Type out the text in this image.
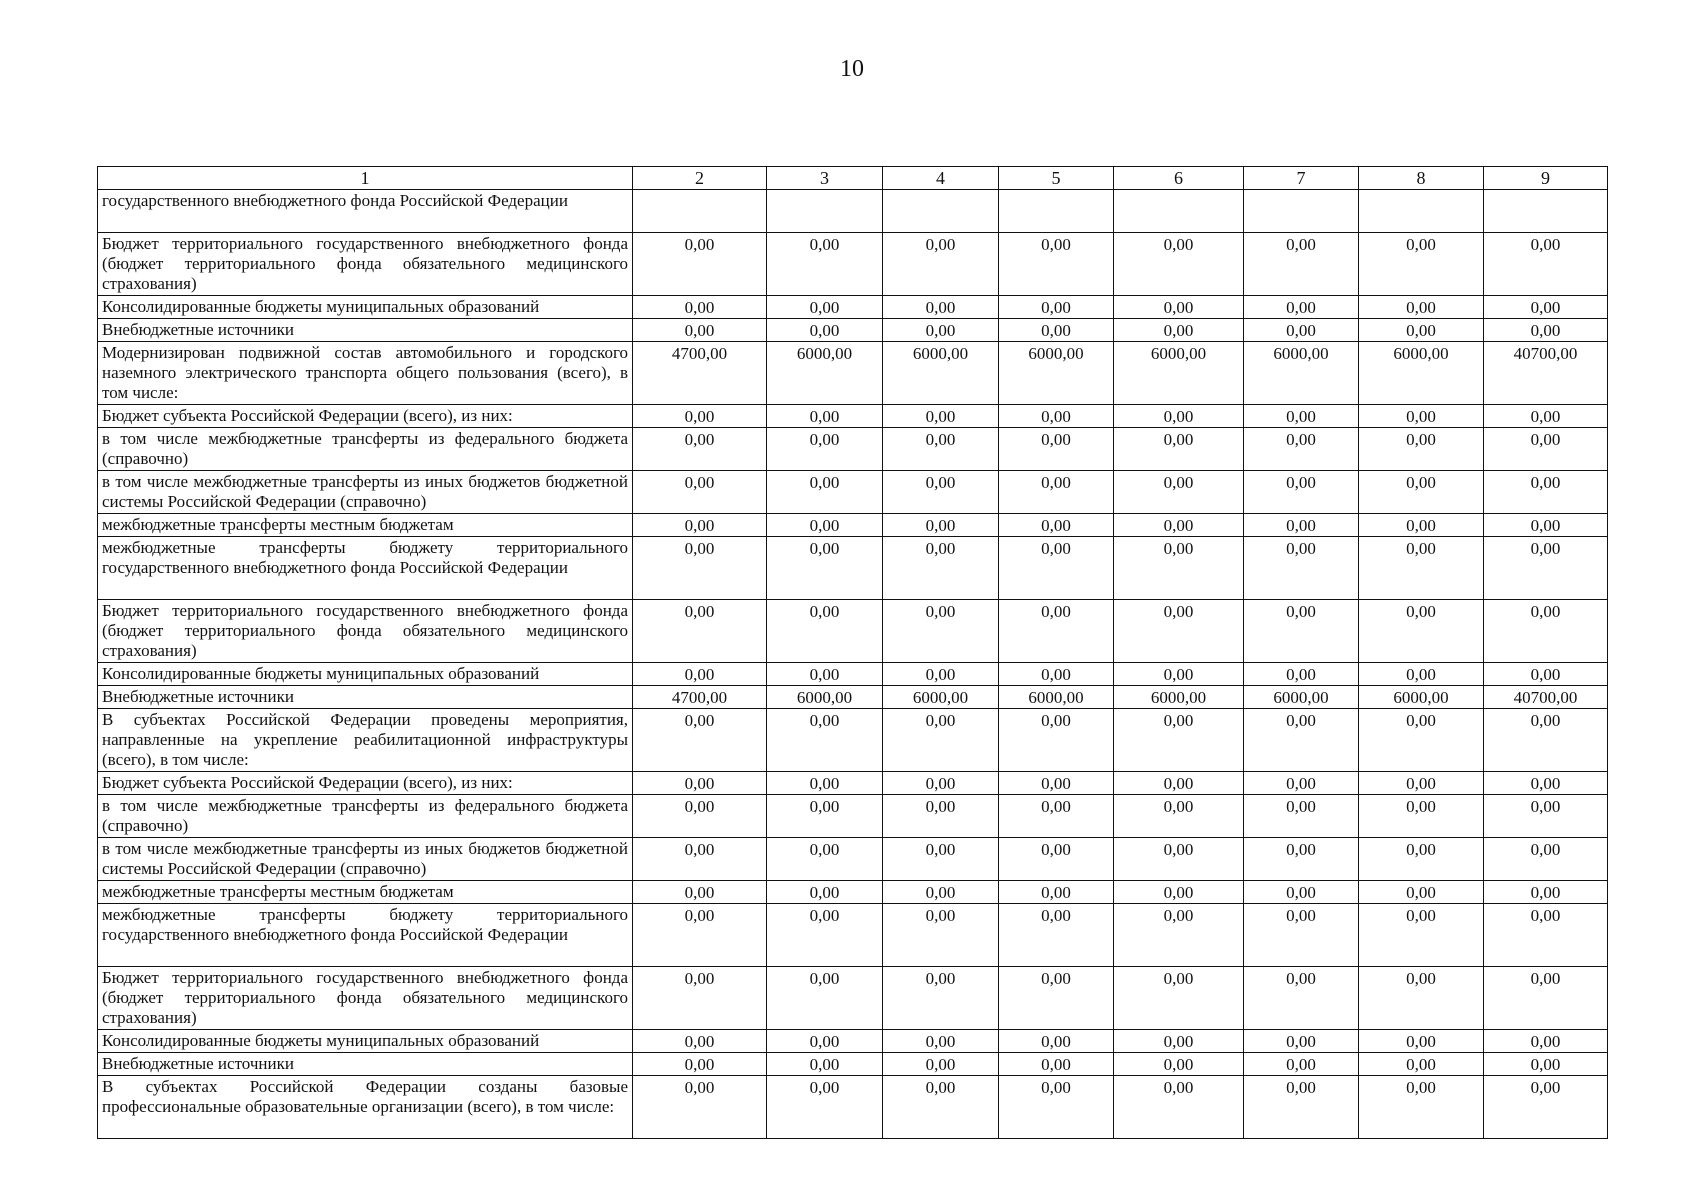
10
1	2	3	4	5	6	7	8	9
государственного внебюджетного фонда Российской Федерации								
Бюджет территориального государственного внебюджетного фонда (бюджет территориального фонда обязательного медицинского страхования)	0,00	0,00	0,00	0,00	0,00	0,00	0,00	0,00
Консолидированные бюджеты муниципальных образований	0,00	0,00	0,00	0,00	0,00	0,00	0,00	0,00
Внебюджетные источники	0,00	0,00	0,00	0,00	0,00	0,00	0,00	0,00
Модернизирован подвижной состав автомобильного и городского наземного электрического транспорта общего пользования (всего), в том числе:	4700,00	6000,00	6000,00	6000,00	6000,00	6000,00	6000,00	40700,00
Бюджет субъекта Российской Федерации (всего), из них:	0,00	0,00	0,00	0,00	0,00	0,00	0,00	0,00
в том числе межбюджетные трансферты из федерального бюджета (справочно)	0,00	0,00	0,00	0,00	0,00	0,00	0,00	0,00
в том числе межбюджетные трансферты из иных бюджетов бюджетной системы Российской Федерации (справочно)	0,00	0,00	0,00	0,00	0,00	0,00	0,00	0,00
межбюджетные трансферты местным бюджетам	0,00	0,00	0,00	0,00	0,00	0,00	0,00	0,00
межбюджетные трансферты бюджету территориального государственного внебюджетного фонда Российской Федерации	0,00	0,00	0,00	0,00	0,00	0,00	0,00	0,00
Бюджет территориального государственного внебюджетного фонда (бюджет территориального фонда обязательного медицинского страхования)	0,00	0,00	0,00	0,00	0,00	0,00	0,00	0,00
Консолидированные бюджеты муниципальных образований	0,00	0,00	0,00	0,00	0,00	0,00	0,00	0,00
Внебюджетные источники	4700,00	6000,00	6000,00	6000,00	6000,00	6000,00	6000,00	40700,00
В субъектах Российской Федерации проведены мероприятия, направленные на укрепление реабилитационной инфраструктуры (всего), в том числе:	0,00	0,00	0,00	0,00	0,00	0,00	0,00	0,00
Бюджет субъекта Российской Федерации (всего), из них:	0,00	0,00	0,00	0,00	0,00	0,00	0,00	0,00
в том числе межбюджетные трансферты из федерального бюджета (справочно)	0,00	0,00	0,00	0,00	0,00	0,00	0,00	0,00
в том числе межбюджетные трансферты из иных бюджетов бюджетной системы Российской Федерации (справочно)	0,00	0,00	0,00	0,00	0,00	0,00	0,00	0,00
межбюджетные трансферты местным бюджетам	0,00	0,00	0,00	0,00	0,00	0,00	0,00	0,00
межбюджетные трансферты бюджету территориального государственного внебюджетного фонда Российской Федерации	0,00	0,00	0,00	0,00	0,00	0,00	0,00	0,00
Бюджет территориального государственного внебюджетного фонда (бюджет территориального фонда обязательного медицинского страхования)	0,00	0,00	0,00	0,00	0,00	0,00	0,00	0,00
Консолидированные бюджеты муниципальных образований	0,00	0,00	0,00	0,00	0,00	0,00	0,00	0,00
Внебюджетные источники	0,00	0,00	0,00	0,00	0,00	0,00	0,00	0,00
В субъектах Российской Федерации созданы базовые профессиональные образовательные организации (всего), в том числе:	0,00	0,00	0,00	0,00	0,00	0,00	0,00	0,00
